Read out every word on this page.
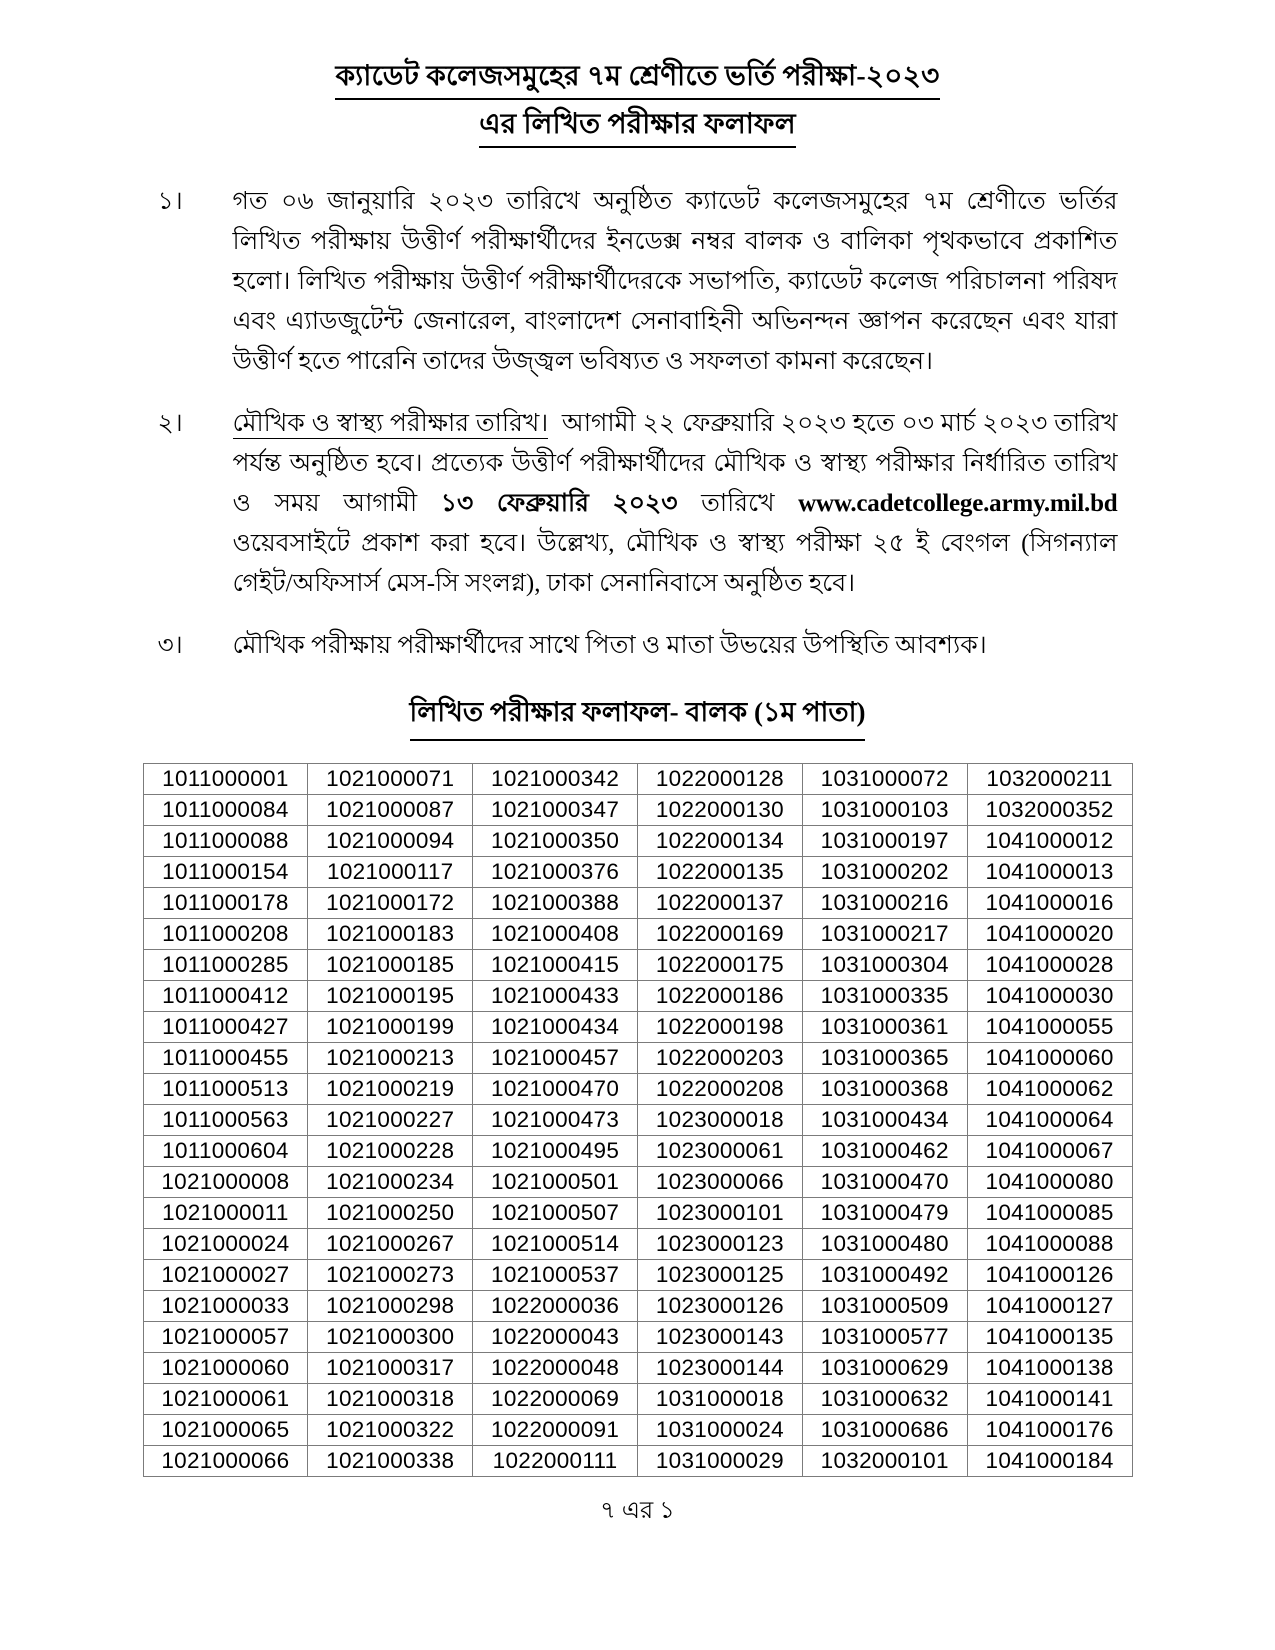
ক্যাডেট কলেজসমুহের ৭ম শ্রেণীতে ভর্তি পরীক্ষা-২০২৩
এর লিখিত পরীক্ষার ফলাফল
১।	গত ০৬ জানুয়ারি ২০২৩ তারিখে অনুষ্ঠিত ক্যাডেট কলেজসমুহের ৭ম শ্রেণীতে ভর্তির লিখিত পরীক্ষায় উত্তীর্ণ পরীক্ষার্থীদের ইনডেক্স নম্বর বালক ও বালিকা পৃথকভাবে প্রকাশিত হলো। লিখিত পরীক্ষায় উত্তীর্ণ পরীক্ষার্থীদেরকে সভাপতি, ক্যাডেট কলেজ পরিচালনা পরিষদ এবং এ্যাডজুটেন্ট জেনারেল, বাংলাদেশ সেনাবাহিনী অভিনন্দন জ্ঞাপন করেছেন এবং যারা উত্তীর্ণ হতে পারেনি তাদের উজ্জ্বল ভবিষ্যত ও সফলতা কামনা করেছেন।
২।	মৌখিক ও স্বাস্থ্য পরীক্ষার তারিখ। আগামী ২২ ফেব্রুয়ারি ২০২৩ হতে ০৩ মার্চ ২০২৩ তারিখ পর্যন্ত অনুষ্ঠিত হবে। প্রত্যেক উত্তীর্ণ পরীক্ষার্থীদের মৌখিক ও স্বাস্থ্য পরীক্ষার নির্ধারিত তারিখ ও সময় আগামী ১৩ ফেব্রুয়ারি ২০২৩ তারিখে www.cadetcollege.army.mil.bd ওয়েবসাইটে প্রকাশ করা হবে। উল্লেখ্য, মৌখিক ও স্বাস্থ্য পরীক্ষা ২৫ ই বেংগল (সিগন্যাল গেইট/অফিসার্স মেস-সি সংলগ্ন), ঢাকা সেনানিবাসে অনুষ্ঠিত হবে।
৩।	মৌখিক পরীক্ষায় পরীক্ষার্থীদের সাথে পিতা ও মাতা উভয়ের উপস্থিতি আবশ্যক।
লিখিত পরীক্ষার ফলাফল- বালক (১ম পাতা)
1011000001	1021000071	1021000342	1022000128	1031000072	1032000211
1011000084	1021000087	1021000347	1022000130	1031000103	1032000352
1011000088	1021000094	1021000350	1022000134	1031000197	1041000012
1011000154	1021000117	1021000376	1022000135	1031000202	1041000013
1011000178	1021000172	1021000388	1022000137	1031000216	1041000016
1011000208	1021000183	1021000408	1022000169	1031000217	1041000020
1011000285	1021000185	1021000415	1022000175	1031000304	1041000028
1011000412	1021000195	1021000433	1022000186	1031000335	1041000030
1011000427	1021000199	1021000434	1022000198	1031000361	1041000055
1011000455	1021000213	1021000457	1022000203	1031000365	1041000060
1011000513	1021000219	1021000470	1022000208	1031000368	1041000062
1011000563	1021000227	1021000473	1023000018	1031000434	1041000064
1011000604	1021000228	1021000495	1023000061	1031000462	1041000067
1021000008	1021000234	1021000501	1023000066	1031000470	1041000080
1021000011	1021000250	1021000507	1023000101	1031000479	1041000085
1021000024	1021000267	1021000514	1023000123	1031000480	1041000088
1021000027	1021000273	1021000537	1023000125	1031000492	1041000126
1021000033	1021000298	1022000036	1023000126	1031000509	1041000127
1021000057	1021000300	1022000043	1023000143	1031000577	1041000135
1021000060	1021000317	1022000048	1023000144	1031000629	1041000138
1021000061	1021000318	1022000069	1031000018	1031000632	1041000141
1021000065	1021000322	1022000091	1031000024	1031000686	1041000176
1021000066	1021000338	1022000111	1031000029	1032000101	1041000184
৭ এর ১
